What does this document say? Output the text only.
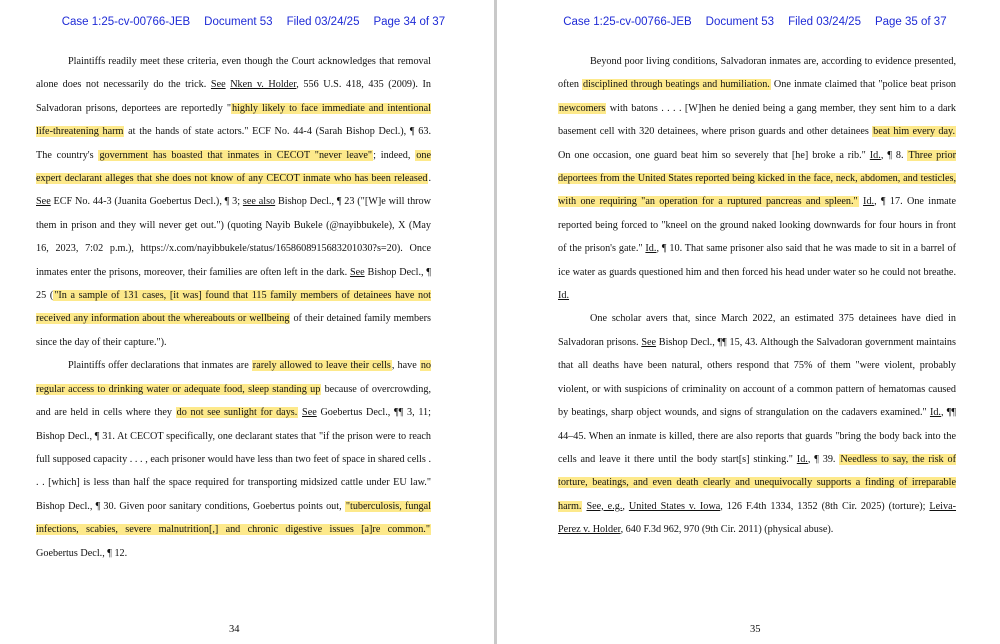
Case 1:25-cv-00766-JEB Document 53 Filed 03/24/25 Page 34 of 37

Plaintiffs readily meet these criteria, even though the Court acknowledges that removal alone does not necessarily do the trick. See Nken v. Holder, 556 U.S. 418, 435 (2009). In Salvadoran prisons, deportees are reportedly "highly likely to face immediate and intentional life-threatening harm at the hands of state actors." ECF No. 44-4 (Sarah Bishop Decl.), ¶ 63. The country's government has boasted that inmates in CECOT "never leave"; indeed, one expert declarant alleges that she does not know of any CECOT inmate who has been released. See ECF No. 44-3 (Juanita Goebertus Decl.), ¶ 3; see also Bishop Decl., ¶ 23 ("[W]e will throw them in prison and they will never get out.") (quoting Nayib Bukele (@nayibbukele), X (May 16, 2023, 7:02 p.m.), https://x.com/nayibbukele/status/1658608915683201030?s=20). Once inmates enter the prisons, moreover, their families are often left in the dark. See Bishop Decl., ¶ 25 ("In a sample of 131 cases, [it was] found that 115 family members of detainees have not received any information about the whereabouts or wellbeing of their detained family members since the day of their capture.").

Plaintiffs offer declarations that inmates are rarely allowed to leave their cells, have no regular access to drinking water or adequate food, sleep standing up because of overcrowding, and are held in cells where they do not see sunlight for days. See Goebertus Decl., ¶¶ 3, 11; Bishop Decl., ¶ 31. At CECOT specifically, one declarant states that "if the prison were to reach full supposed capacity . . . , each prisoner would have less than two feet of space in shared cells . . . [which] is less than half the space required for transporting midsized cattle under EU law." Bishop Decl., ¶ 30. Given poor sanitary conditions, Goebertus points out, "tuberculosis, fungal infections, scabies, severe malnutrition[,] and chronic digestive issues [a]re common." Goebertus Decl., ¶ 12.

34

Case 1:25-cv-00766-JEB Document 53 Filed 03/24/25 Page 35 of 37

Beyond poor living conditions, Salvadoran inmates are, according to evidence presented, often disciplined through beatings and humiliation. One inmate claimed that "police beat prison newcomers with batons . . . . [W]hen he denied being a gang member, they sent him to a dark basement cell with 320 detainees, where prison guards and other detainees beat him every day. On one occasion, one guard beat him so severely that [he] broke a rib." Id., ¶ 8. Three prior deportees from the United States reported being kicked in the face, neck, abdomen, and testicles, with one requiring "an operation for a ruptured pancreas and spleen." Id., ¶ 17. One inmate reported being forced to "kneel on the ground naked looking downwards for four hours in front of the prison's gate." Id., ¶ 10. That same prisoner also said that he was made to sit in a barrel of ice water as guards questioned him and then forced his head under water so he could not breathe. Id.

One scholar avers that, since March 2022, an estimated 375 detainees have died in Salvadoran prisons. See Bishop Decl., ¶¶ 15, 43. Although the Salvadoran government maintains that all deaths have been natural, others respond that 75% of them "were violent, probably violent, or with suspicions of criminality on account of a common pattern of hematomas caused by beatings, sharp object wounds, and signs of strangulation on the cadavers examined." Id., ¶¶ 44–45. When an inmate is killed, there are also reports that guards "bring the body back into the cells and leave it there until the body start[s] stinking." Id., ¶ 39. Needless to say, the risk of torture, beatings, and even death clearly and unequivocally supports a finding of irreparable harm. See, e.g., United States v. Iowa, 126 F.4th 1334, 1352 (8th Cir. 2025) (torture); Leiva-Perez v. Holder, 640 F.3d 962, 970 (9th Cir. 2011) (physical abuse).

35
